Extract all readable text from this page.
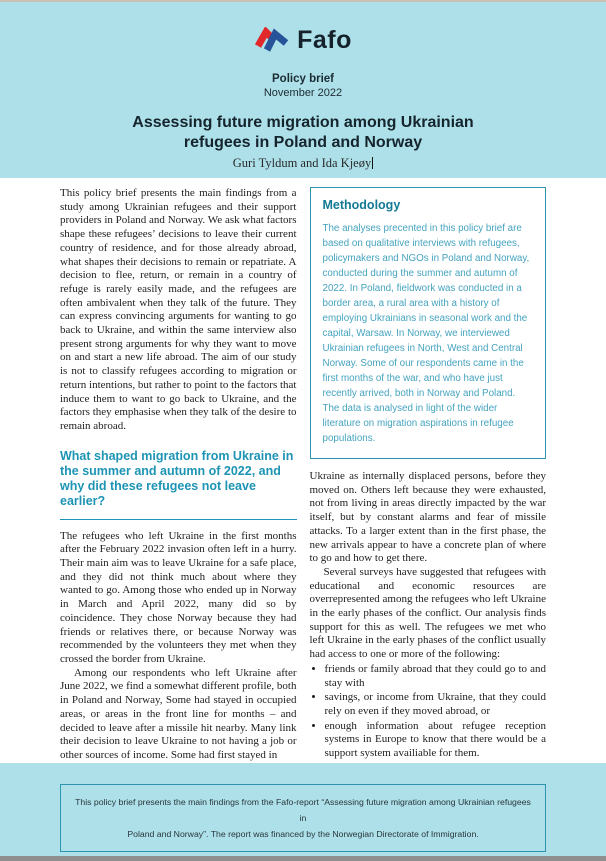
Fafo
Policy brief
November 2022
Assessing future migration among Ukrainian
refugees in Poland and Norway
Guri Tyldum and Ida Kjeøy

This policy brief presents the main findings from a study among Ukrainian refugees and their support providers in Poland and Norway. We ask what factors shape these refugees’ decisions to leave their current country of residence, and for those already abroad, what shapes their decisions to remain or repatriate. A decision to flee, return, or remain in a country of refuge is rarely easily made, and the refugees are often ambivalent when they talk of the future. They can express convincing arguments for wanting to go back to Ukraine, and within the same interview also present strong arguments for why they want to move on and start a new life abroad. The aim of our study is not to classify refugees according to migration or return intentions, but rather to point to the factors that induce them to want to go back to Ukraine, and the factors they emphasise when they talk of the desire to remain abroad.

What shaped migration from Ukraine in the summer and autumn of 2022, and why did these refugees not leave earlier?

The refugees who left Ukraine in the first months after the February 2022 invasion often left in a hurry. Their main aim was to leave Ukraine for a safe place, and they did not think much about where they wanted to go. Among those who ended up in Norway in March and April 2022, many did so by coincidence. They chose Norway because they had friends or relatives there, or because Norway was recommended by the volunteers they met when they crossed the border from Ukraine.

Among our respondents who left Ukraine after June 2022, we find a somewhat different profile, both in Poland and Norway, Some had stayed in occupied areas, or areas in the front line for months – and decided to leave after a missile hit nearby. Many link their decision to leave Ukraine to not having a job or other sources of income. Some had first stayed in

Methodology

The analyses precented in this policy brief are based on qualitative interviews with refugees, policymakers and NGOs in Poland and Norway, conducted during the summer and autumn of 2022. In Poland, fieldwork was conducted in a border area, a rural area with a history of employing Ukrainians in seasonal work and the capital, Warsaw. In Norway, we interviewed Ukrainian refugees in North, West and Central Norway. Some of our respondents came in the first months of the war, and who have just recently arrived, both in Norway and Poland. The data is analysed in light of the wider literature on migration aspirations in refugee populations.

Ukraine as internally displaced persons, before they moved on. Others left because they were exhausted, not from living in areas directly impacted by the war itself, but by constant alarms and fear of missile attacks. To a larger extent than in the first phase, the new arrivals appear to have a concrete plan of where to go and how to get there.

Several surveys have suggested that refugees with educational and economic resources are overrepresented among the refugees who left Ukraine in the early phases of the conflict. Our analysis finds support for this as well. The refugees we met who left Ukraine in the early phases of the conflict usually had access to one or more of the following:

• friends or family abroad that they could go to and stay with
• savings, or income from Ukraine, that they could rely on even if they moved abroad, or
• enough information about refugee reception systems in Europe to know that there would be a support system availiable for them.
This policy brief presents the main findings from the Fafo-report “Assessing future migration among Ukrainian refugees in
Poland and Norway”. The report was financed by the Norwegian Directorate of Immigration.
